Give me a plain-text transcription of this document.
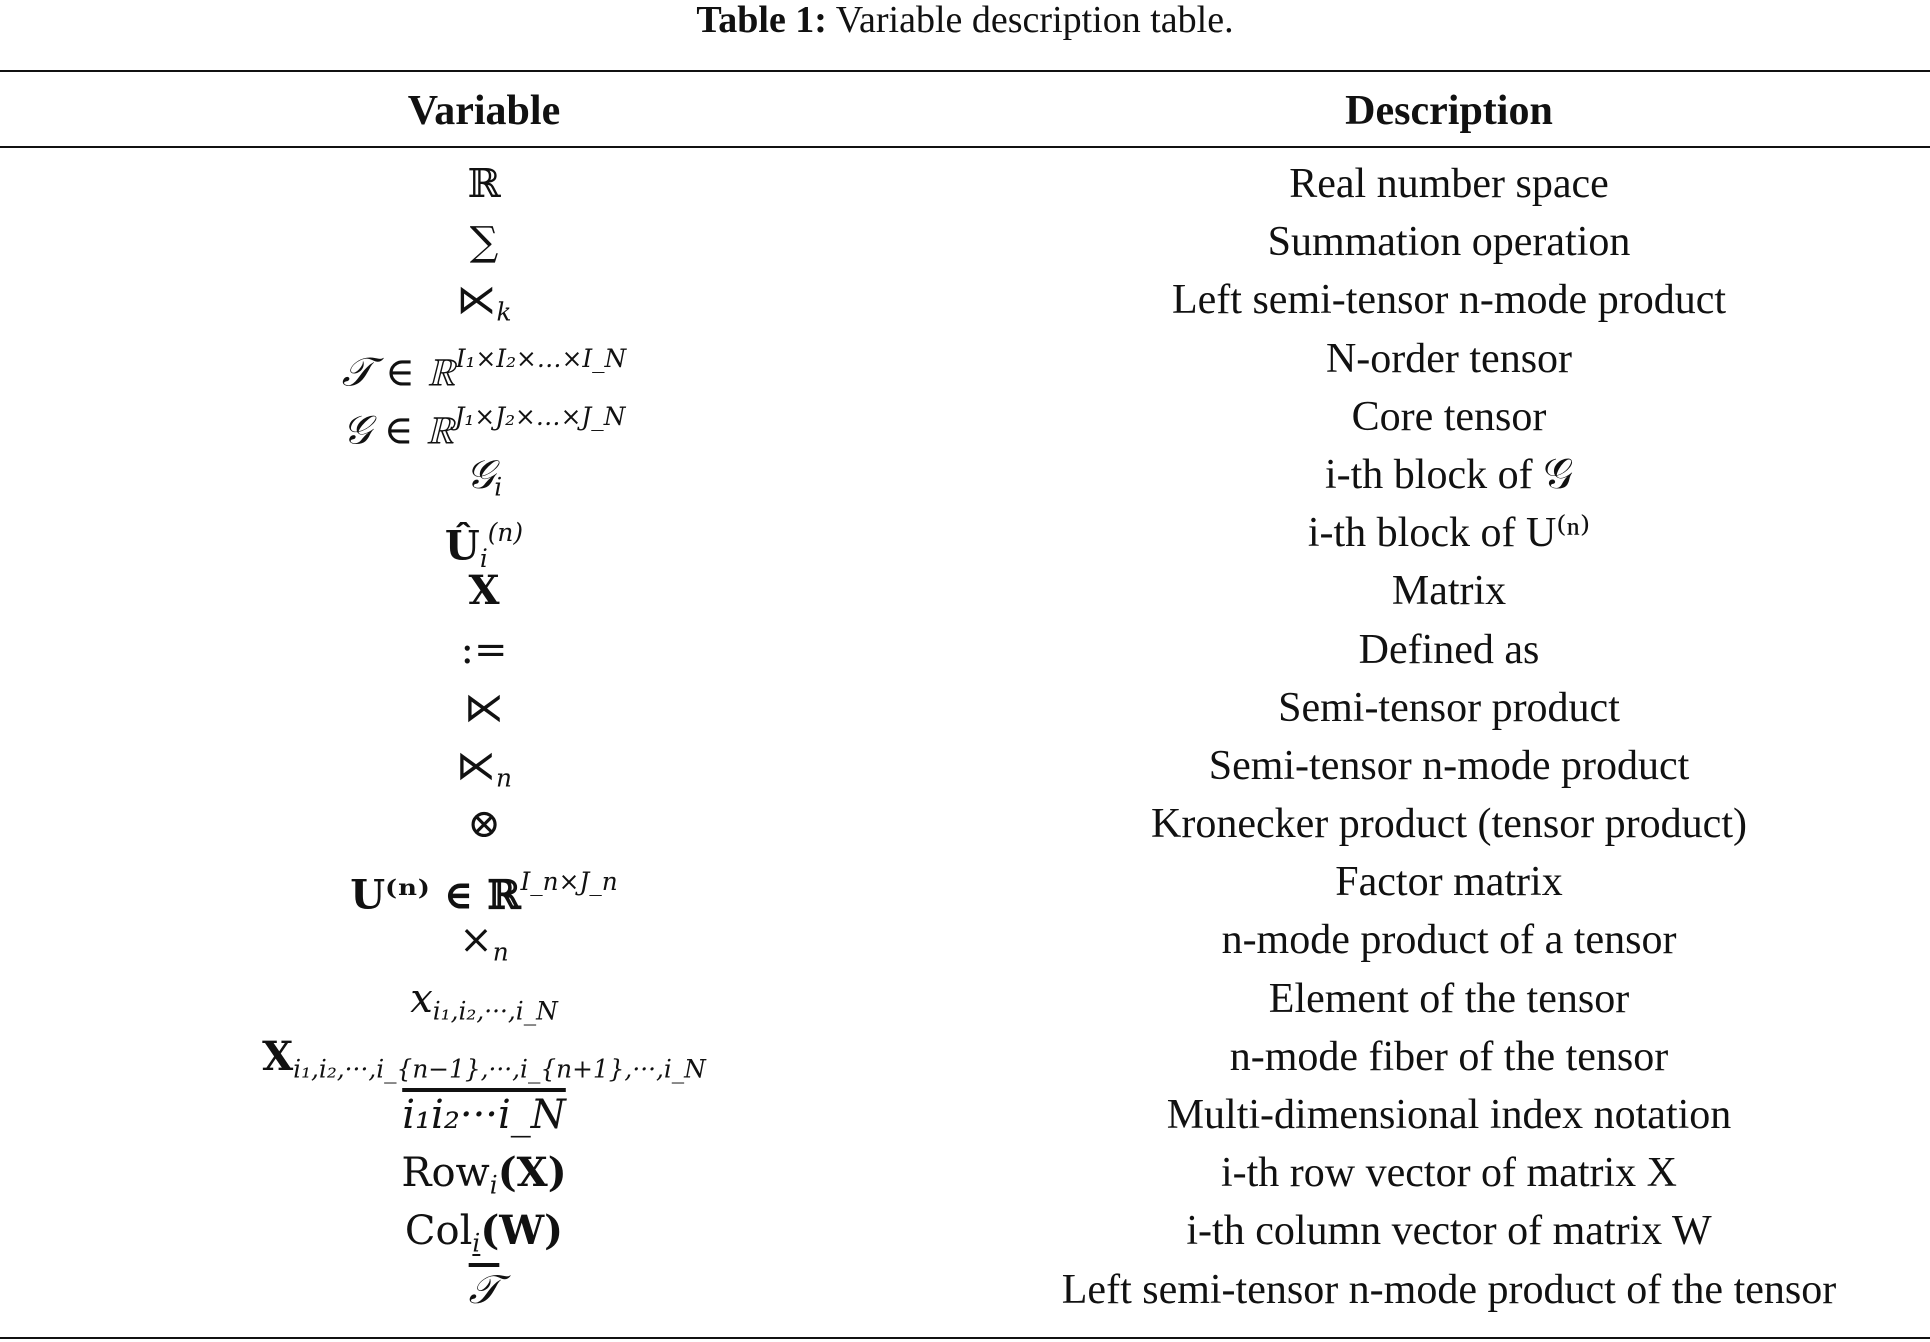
Table 1: Variable description table.
Variable	Description
ℝ	Real number space
∑	Summation operation
$⋉_k$	Left semi-tensor n-mode product
𝒯 ∈ ℝ$^{I_1\times I_2\times\dots\times I\_N}$	N-order tensor
𝒢 ∈ ℝ$^{J_1\times J_2\times\dots\times J\_N}$	Core tensor
𝒢$_i$	i-th block of 𝒢
$Û_i^{(n)}$	i-th block of U⁽ⁿ⁾
X	Matrix
:=	Defined as
⋉	Semi-tensor product
$⋉_n$	Semi-tensor n-mode product
⊗	Kronecker product (tensor product)
U⁽ⁿ⁾ ∈ ℝ$^{I\_n\times J\_n}$	Factor matrix
$\times_n$	n-mode product of a tensor
$x_{i_1,i_2,\cdot\cdot\cdot,i\_N}$	Element of the tensor
$X_{i_1,i_2,\cdot\cdot\cdot,i\_\{n-1\},\cdot\cdot\cdot,i\_\{n+1\},\cdot\cdot\cdot,i\_N}$	n-mode fiber of the tensor
i₁i₂···i_N	Multi-dimensional index notation
Row$_i$(X)	i-th row vector of matrix X
Col$_i$(W)	i-th column vector of matrix W
𝒯	Left semi-tensor n-mode product of the tensor
